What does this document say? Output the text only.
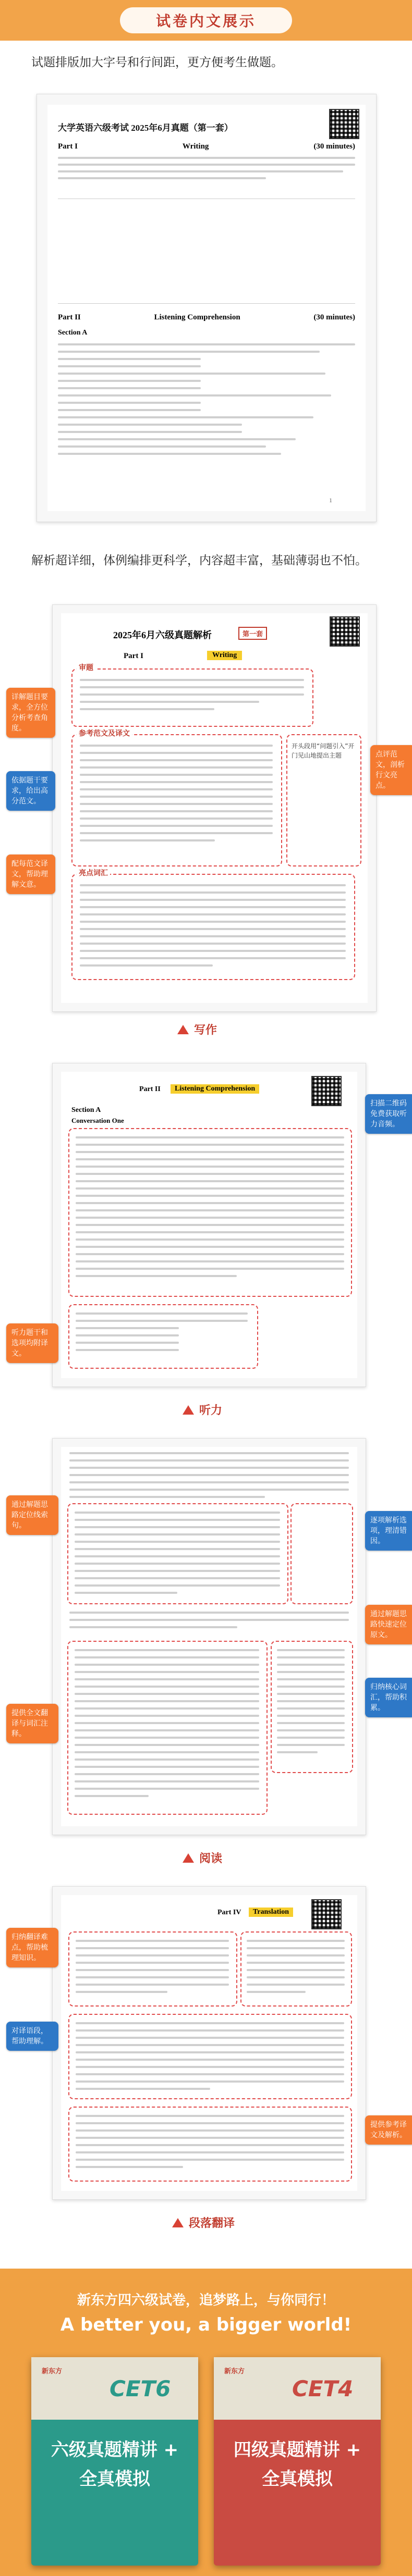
试卷内文展示
试题排版加大字号和行间距，更方便考生做题。
大学英语六级考试 2025年6月真题（第一套）
Part I	Writing	(30 minutes)
Part II	Listening Comprehension	(30 minutes)
Section A
1
解析超详细，体例编排更科学，内容超丰富，基础薄弱也不怕。
2025年6月六级真题解析	第一套
Part I	Writing
审题
参考范文及译文
开头段用“问题引入”开门见山地提出主题
亮点词汇
详解题目要求，全方位分析考查角度。
依据题干要求，给出高分范文。
点评范文，剖析行文亮点。
配每范文译文，帮助理解文意。
写作
Part II	Listening Comprehension
Section A
Conversation One
扫描二维码免费获取听力音频。
听力题干和选项均附译文。
听力
通过解题思路定位线索句。
逐项解析选项，理清错因。
通过解题思路快速定位原文。
归纳核心词汇，帮助积累。
提供全文翻译与词汇注释。
阅读
Part IV	Translation
归纳翻译难点，帮助梳理知识。
对译语段，帮助理解。
提供参考译文及解析。
段落翻译
新东方四六级试卷，追梦路上，与你同行！
A better you, a bigger world!
新东方
CET6
六级真题精讲 + 全真模拟
新东方
CET4
四级真题精讲 + 全真模拟
